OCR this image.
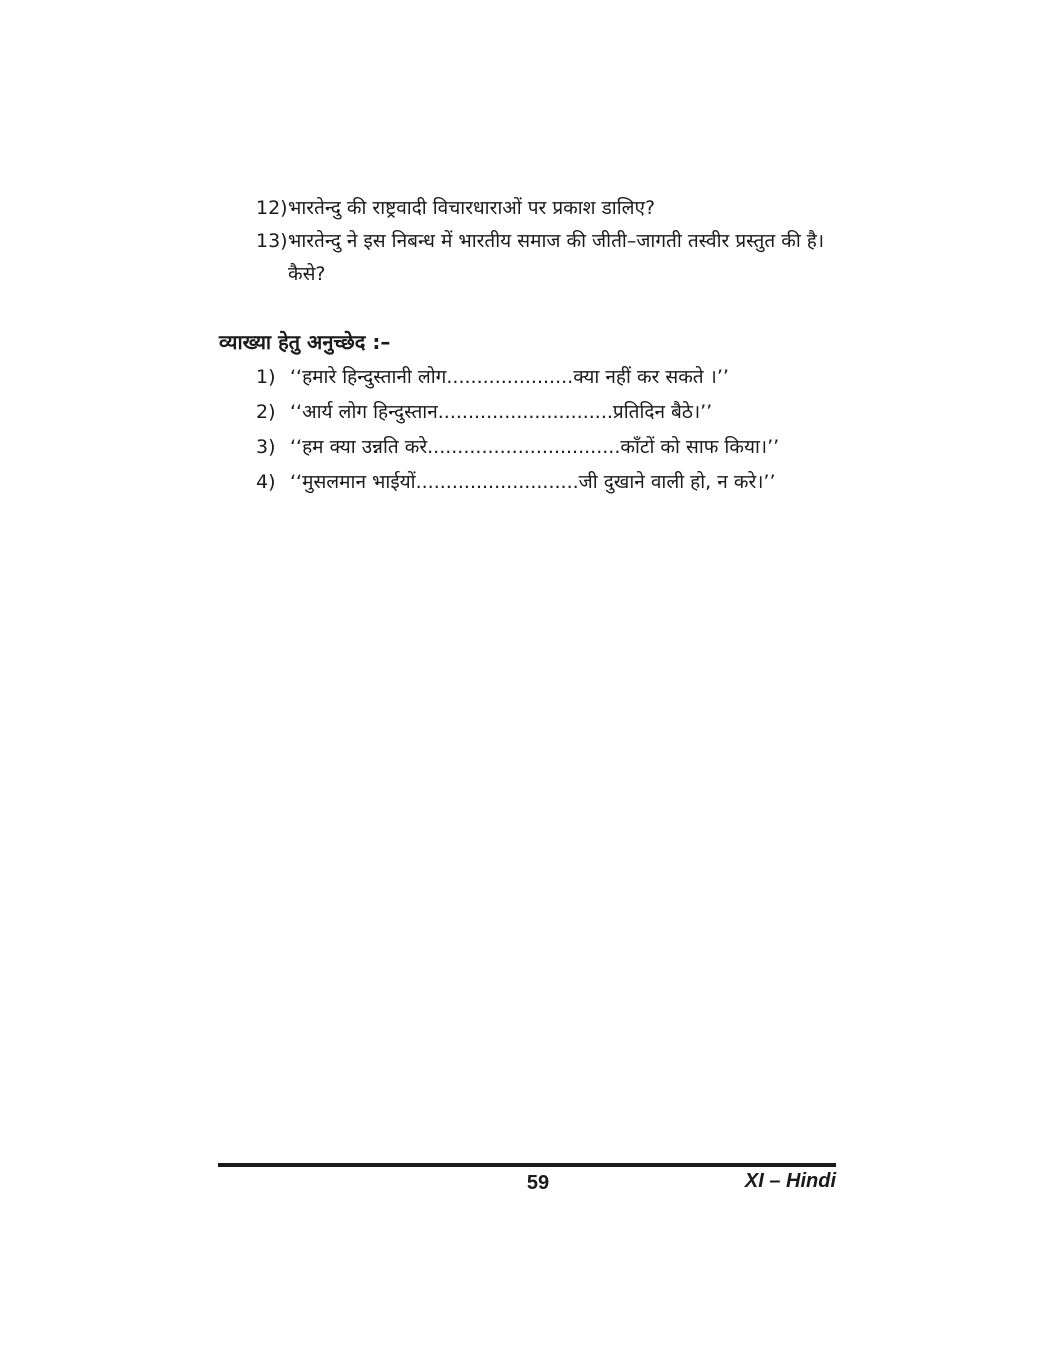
12) भारतेन्दु की राष्ट्रवादी विचारधाराओं पर प्रकाश डालिए?
13) भारतेन्दु ने इस निबन्ध में भारतीय समाज की जीती–जागती तस्वीर प्रस्तुत की है। कैसे?
व्याख्या हेतु अनुच्छेद :–
1) ‘‘हमारे हिन्दुस्तानी लोग.....................क्या नहीं कर सकते ।’’
2) ‘‘आर्य लोग हिन्दुस्तान.............................प्रतिदिन बैठे।’’
3) ‘‘हम क्या उन्नति करे................................काँटों को साफ किया।’’
4) ‘‘मुसलमान भाईयों...........................जी दुखाने वाली हो, न करे।’’
59	XI – Hindi
